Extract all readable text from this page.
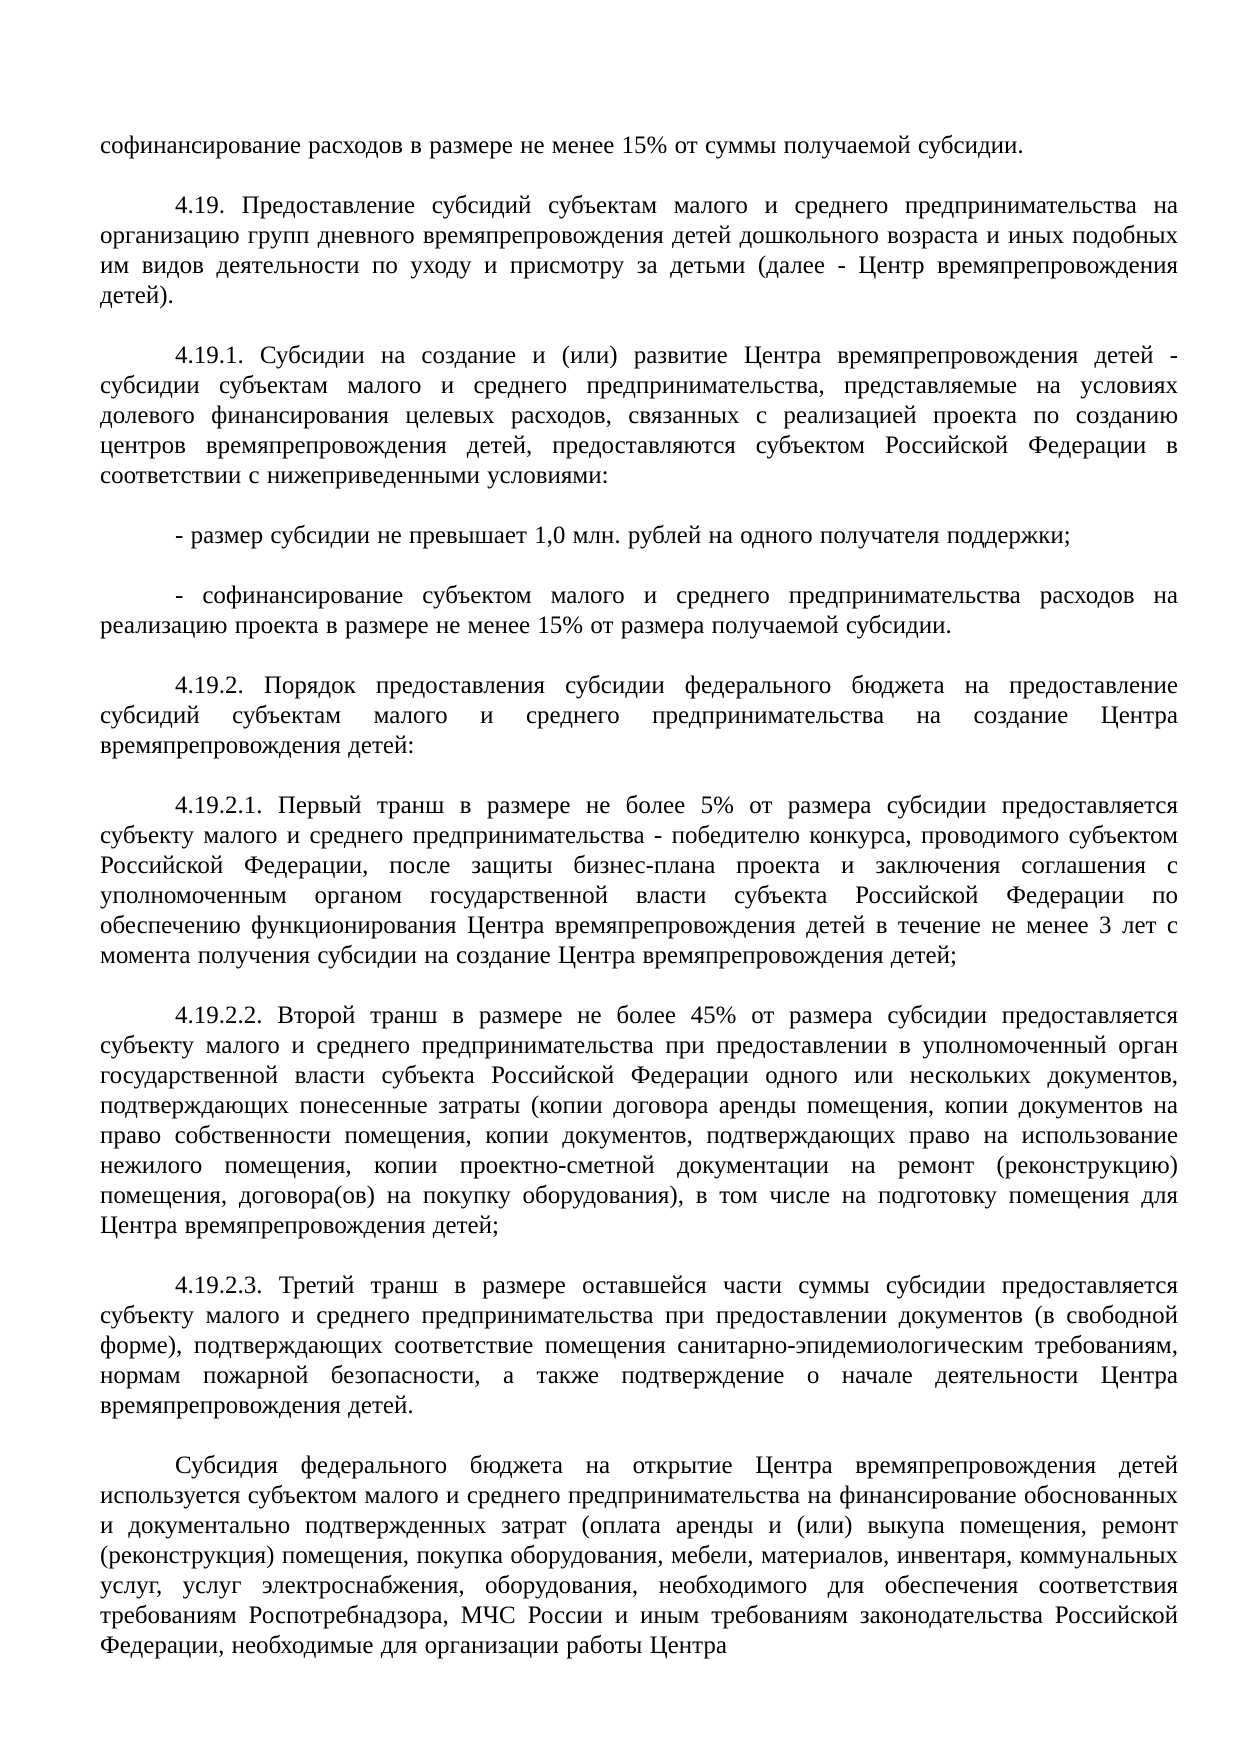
софинансирование расходов в размере не менее 15% от суммы получаемой субсидии.

4.19. Предоставление субсидий субъектам малого и среднего предпринимательства на организацию групп дневного времяпрепровождения детей дошкольного возраста и иных подобных им видов деятельности по уходу и присмотру за детьми (далее - Центр времяпрепровождения детей).

4.19.1. Субсидии на создание и (или) развитие Центра времяпрепровождения детей - субсидии субъектам малого и среднего предпринимательства, представляемые на условиях долевого финансирования целевых расходов, связанных с реализацией проекта по созданию центров времяпрепровождения детей, предоставляются субъектом Российской Федерации в соответствии с нижеприведенными условиями:

- размер субсидии не превышает 1,0 млн. рублей на одного получателя поддержки;

- софинансирование субъектом малого и среднего предпринимательства расходов на реализацию проекта в размере не менее 15% от размера получаемой субсидии.

4.19.2. Порядок предоставления субсидии федерального бюджета на предоставление субсидий субъектам малого и среднего предпринимательства на создание Центра времяпрепровождения детей:

4.19.2.1. Первый транш в размере не более 5% от размера субсидии предоставляется субъекту малого и среднего предпринимательства - победителю конкурса, проводимого субъектом Российской Федерации, после защиты бизнес-плана проекта и заключения соглашения с уполномоченным органом государственной власти субъекта Российской Федерации по обеспечению функционирования Центра времяпрепровождения детей в течение не менее 3 лет с момента получения субсидии на создание Центра времяпрепровождения детей;

4.19.2.2. Второй транш в размере не более 45% от размера субсидии предоставляется субъекту малого и среднего предпринимательства при предоставлении в уполномоченный орган государственной власти субъекта Российской Федерации одного или нескольких документов, подтверждающих понесенные затраты (копии договора аренды помещения, копии документов на право собственности помещения, копии документов, подтверждающих право на использование нежилого помещения, копии проектно-сметной документации на ремонт (реконструкцию) помещения, договора(ов) на покупку оборудования), в том числе на подготовку помещения для Центра времяпрепровождения детей;

4.19.2.3. Третий транш в размере оставшейся части суммы субсидии предоставляется субъекту малого и среднего предпринимательства при предоставлении документов (в свободной форме), подтверждающих соответствие помещения санитарно-эпидемиологическим требованиям, нормам пожарной безопасности, а также подтверждение о начале деятельности Центра времяпрепровождения детей.

Субсидия федерального бюджета на открытие Центра времяпрепровождения детей используется субъектом малого и среднего предпринимательства на финансирование обоснованных и документально подтвержденных затрат (оплата аренды и (или) выкупа помещения, ремонт (реконструкция) помещения, покупка оборудования, мебели, материалов, инвентаря, коммунальных услуг, услуг электроснабжения, оборудования, необходимого для обеспечения соответствия требованиям Роспотребнадзора, МЧС России и иным требованиям законодательства Российской Федерации, необходимые для организации работы Центра
